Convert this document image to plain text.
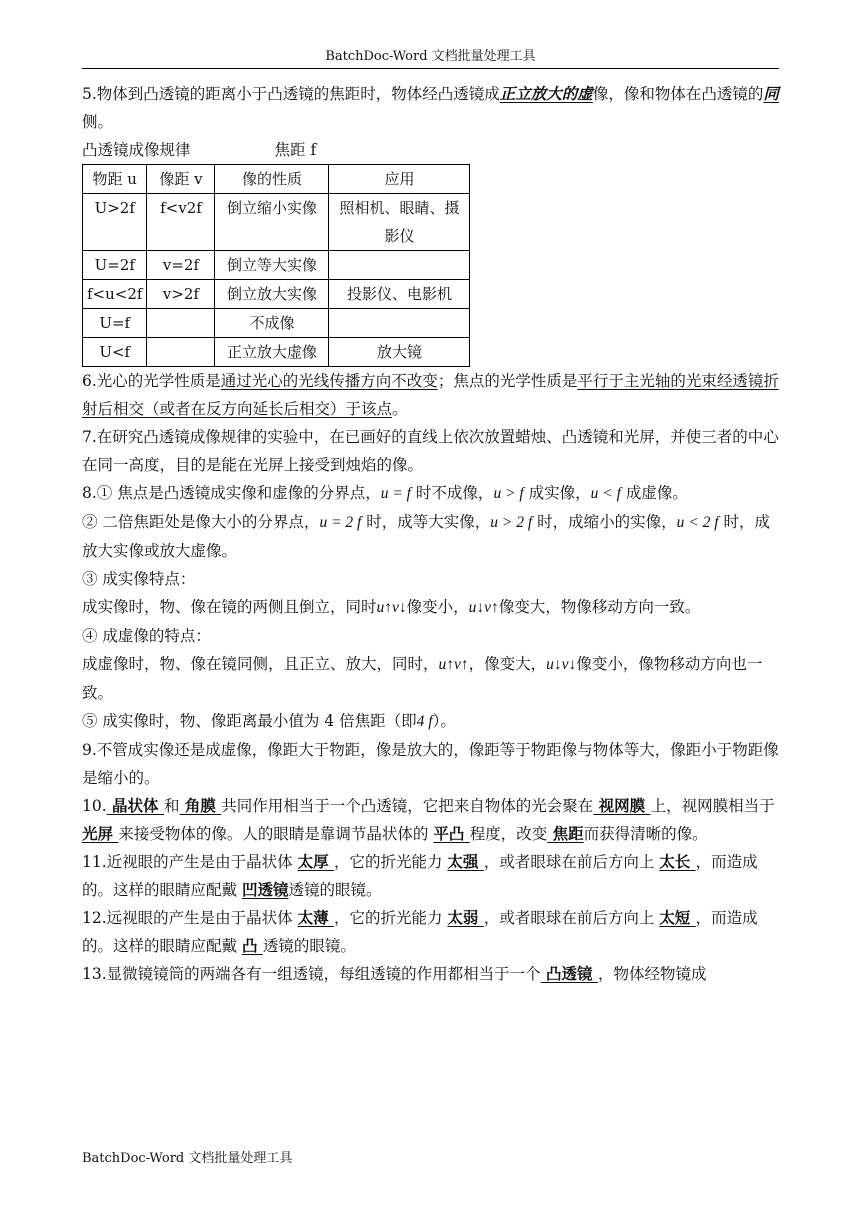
BatchDoc-Word 文档批量处理工具

5.物体到凸透镜的距离小于凸透镜的焦距时，物体经凸透镜成正立放大的虚像，像和物体在凸透镜的同侧。

凸透镜成像规律	焦距 f
物距 u	像距 v	像的性质	应用
U>2f	f<v2f	倒立缩小实像	照相机、眼睛、摄影仪
U=2f	v=2f	倒立等大实像	
f<u<2f	v>2f	倒立放大实像	投影仪、电影机
U=f		不成像	
U<f		正立放大虚像	放大镜

6.光心的光学性质是通过光心的光线传播方向不改变；焦点的光学性质是平行于主光轴的光束经透镜折射后相交（或者在反方向延长后相交）于该点。

7.在研究凸透镜成像规律的实验中，在已画好的直线上依次放置蜡烛、凸透镜和光屏，并使三者的中心在同一高度，目的是能在光屏上接受到烛焰的像。

8.① 焦点是凸透镜成实像和虚像的分界点，u = f 时不成像，u > f 成实像，u < f 成虚像。

② 二倍焦距处是像大小的分界点，u = 2 f 时，成等大实像，u > 2 f 时，成缩小的实像，u < 2 f 时，成放大实像或放大虚像。

③ 成实像特点：

成实像时，物、像在镜的两侧且倒立，同时u↑v↓像变小，u↓v↑像变大，物像移动方向一致。

④ 成虚像的特点：

成虚像时，物、像在镜同侧，且正立、放大，同时，u↑v↑，像变大，u↓v↓像变小，像物移动方向也一致。

⑤ 成实像时，物、像距离最小值为 4 倍焦距（即4 f）。

9.不管成实像还是成虚像，像距大于物距，像是放大的，像距等于物距像与物体等大，像距小于物距像是缩小的。

10. 晶状体 和 角膜 共同作用相当于一个凸透镜，它把来自物体的光会聚在 视网膜 上，视网膜相当于光屏 来接受物体的像。人的眼睛是靠调节晶状体的 平凸 程度，改变 焦距而获得清晰的像。

11.近视眼的产生是由于晶状体 太厚 ，它的折光能力 太强 ，或者眼球在前后方向上 太长 ，而造成的。这样的眼睛应配戴 凹透镜透镜的眼镜。

12.远视眼的产生是由于晶状体 太薄 ，它的折光能力 太弱 ，或者眼球在前后方向上 太短 ，而造成的。这样的眼睛应配戴 凸 透镜的眼镜。

13.显微镜镜筒的两端各有一组透镜，每组透镜的作用都相当于一个 凸透镜 ，物体经物镜成

BatchDoc-Word 文档批量处理工具
